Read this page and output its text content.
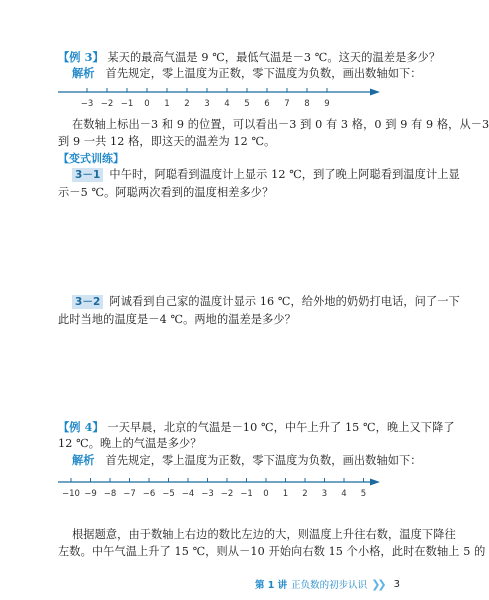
【例 3】 某天的最高气温是 9 ℃，最低气温是－3 ℃。这天的温差是多少？
解析 首先规定，零上温度为正数，零下温度为负数，画出数轴如下：
−3 −2 −1 0 1 2 3 4 5 6 7 8 9
在数轴上标出－3 和 9 的位置，可以看出－3 到 0 有 3 格，0 到 9 有 9 格，从－3
到 9 一共 12 格，即这天的温差为 12 ℃。
【变式训练】
3－1 中午时，阿聪看到温度计上显示 12 ℃，到了晚上阿聪看到温度计上显
示－5 ℃。阿聪两次看到的温度相差多少？
3－2 阿诚看到自己家的温度计显示 16 ℃，给外地的奶奶打电话，问了一下
此时当地的温度是－4 ℃。两地的温差是多少？
【例 4】 一天早晨，北京的气温是－10 ℃，中午上升了 15 ℃，晚上又下降了
12 ℃。晚上的气温是多少？
解析 首先规定，零上温度为正数，零下温度为负数，画出数轴如下：
−10 −9 −8 −7 −6 −5 −4 −3 −2 −1 0 1 2 3 4 5
根据题意，由于数轴上右边的数比左边的大，则温度上升往右数，温度下降往
左数。中午气温上升了 15 ℃，则从－10 开始向右数 15 个小格，此时在数轴上 5 的
第 1 讲 正负数的初步认识 ❯❯ 3
